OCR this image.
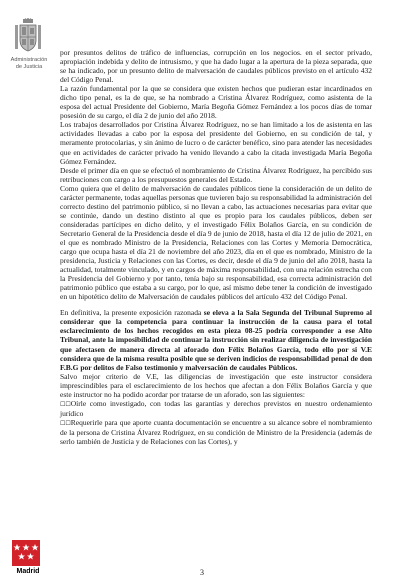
Administración
de Justicia
Madrid

por presuntos delitos de tráfico de influencias, corrupción en los negocios. en el sector privado, apropiación indebida y delito de intrusismo, y que ha dado lugar a la apertura de la pieza separada, que se ha indicado, por un presunto delito de malversación de caudales públicos previsto en el artículo 432 del Código Penal.

La razón fundamental por la que se considera que existen hechos que pudieran estar incardinados en dicho tipo penal, es la de que, se ha nombrado a Cristina Álvarez Rodríguez, como asistenta de la esposa del actual Presidente del Gobierno, María Begoña Gómez Fernández a los pocos días de tomar posesión de su cargo, el día 2 de junio del año 2018.

Los trabajos desarrollados por Cristina Álvarez Rodríguez, no se han limitado a los de asistenta en las actividades llevadas a cabo por la esposa del presidente del Gobierno, en su condición de tal, y meramente protocolarias, y sin ánimo de lucro o de carácter benéfico, sino para atender las necesidades que en actividades de carácter privado ha venido llevando a cabo la citada investigada María Begoña Gómez Fernández.

Desde el primer día en que se efectuó el nombramiento de Cristina Álvarez Rodríguez, ha percibido sus retribuciones con cargo a los presupuestos generales del Estado.

Como quiera que el delito de malversación de caudales públicos tiene la consideración de un delito de carácter permanente, todas aquellas personas que tuvieren bajo su responsabilidad la administración del correcto destino del patrimonio público, si no llevan a cabo, las actuaciones necesarias para evitar que se continúe, dando un destino distinto al que es propio para los caudales públicos, deben ser consideradas partícipes en dicho delito, y el investigado Félix Bolaños García, en su condición de Secretario General de la Presidencia desde el día 9 de junio de 2018, hasta el día 12 de julio de 2021, en el que es nombrado Ministro de la Presidencia, Relaciones con las Cortes y Memoria Democrática, cargo que ocupa hasta el día 21 de noviembre del año 2023, día en el que es nombrado, Ministro de la presidencia, Justicia y Relaciones con las Cortes, es decir, desde el día 9 de junio del año 2018, hasta la actualidad, totalmente vinculado, y en cargos de máxima responsabilidad, con una relación estrecha con la Presidencia del Gobierno y por tanto, tenía bajo su responsabilidad, esa correcta administración del patrimonio público que estaba a su cargo, por lo que, así mismo debe tener la condición de investigado en un hipotético delito de Malversación de caudales públicos del artículo 432 del Código Penal.

En definitiva, la presente exposición razonada se eleva a la Sala Segunda del Tribunal Supremo al considerar que la competencia para continuar la instrucción de la causa para el total esclarecimiento de los hechos recogidos en esta pieza 08-25 podría corresponder a ese Alto Tribunal, ante la imposibilidad de continuar la instrucción sin realizar diligencia de investigación que afectasen de manera directa al aforado don Félix Bolaños García, todo ello por si V.E considera que de la misma resulta posible que se deriven indicios de responsabilidad penal de don F.B.G por delitos de Falso testimonio y malversación de caudales Públicos.

Salvo mejor criterio de V.E, las diligencias de investigación que este instructor considera imprescindibles para el esclarecimiento de los hechos que afectan a don Félix Bolaños García y que este instructor no ha podido acordar por tratarse de un aforado, son las siguientes:

☐☐Oírle como investigado, con todas las garantías y derechos previstos en nuestro ordenamiento jurídico

☐☐Requerirle para que aporte cuanta documentación se encuentre a su alcance sobre el nombramiento de la persona de Cristina Álvarez Rodríguez, en su condición de Ministro de la Presidencia (además de serlo también de Justicia y de Relaciones con las Cortes), y

3
